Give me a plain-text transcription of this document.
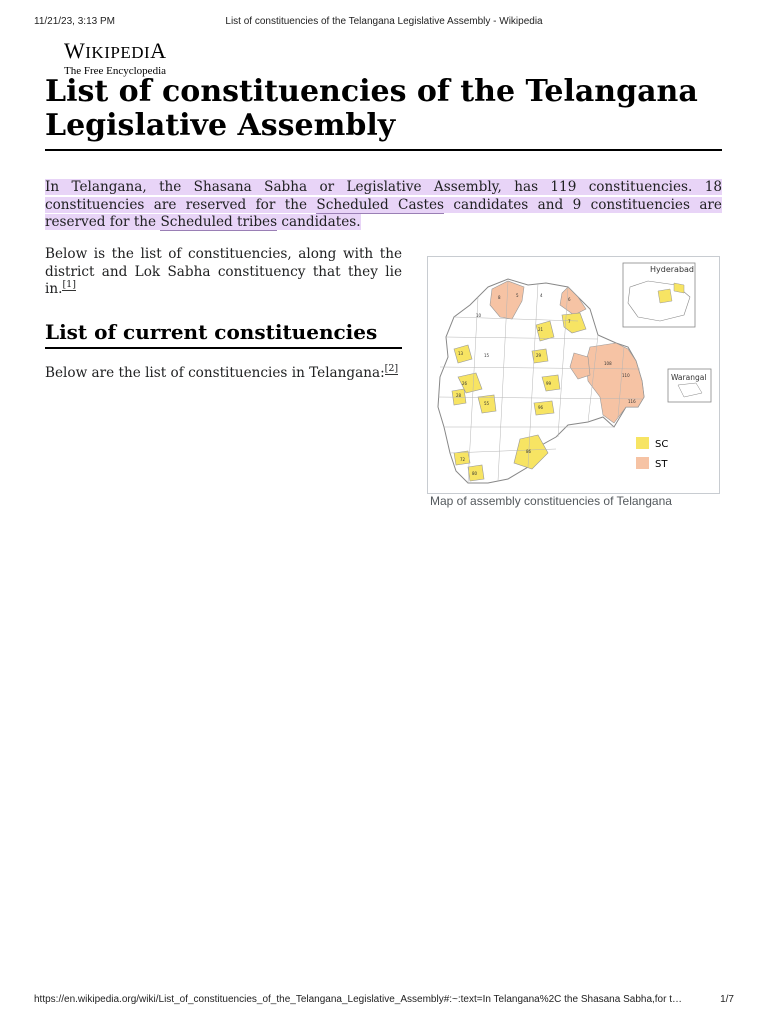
11/21/23, 3:13 PM	List of constituencies of the Telangana Legislative Assembly - Wikipedia
WIKIPEDIA
The Free Encyclopedia
List of constituencies of the Telangana Legislative Assembly

In Telangana, the Shasana Sabha or Legislative Assembly, has 119 constituencies. 18 constituencies are reserved for the Scheduled Castes candidates and 9 constituencies are reserved for the Scheduled tribes candidates.

Below is the list of constituencies, along with the district and Lok Sabha constituency that they lie in.[1]

List of current constituencies

Below are the list of constituencies in Telangana:[2]

8	5	4
6
10
21
7
13	15	29
26
28
55
99
96
108
110
116
86
72
80
Hyderabad
Warangal
SC
ST
Map of assembly constituencies of Telangana
https://en.wikipedia.org/wiki/List_of_constituencies_of_the_Telangana_Legislative_Assembly#:~:text=In Telangana%2C the Shasana Sabha,for t…	1/7
